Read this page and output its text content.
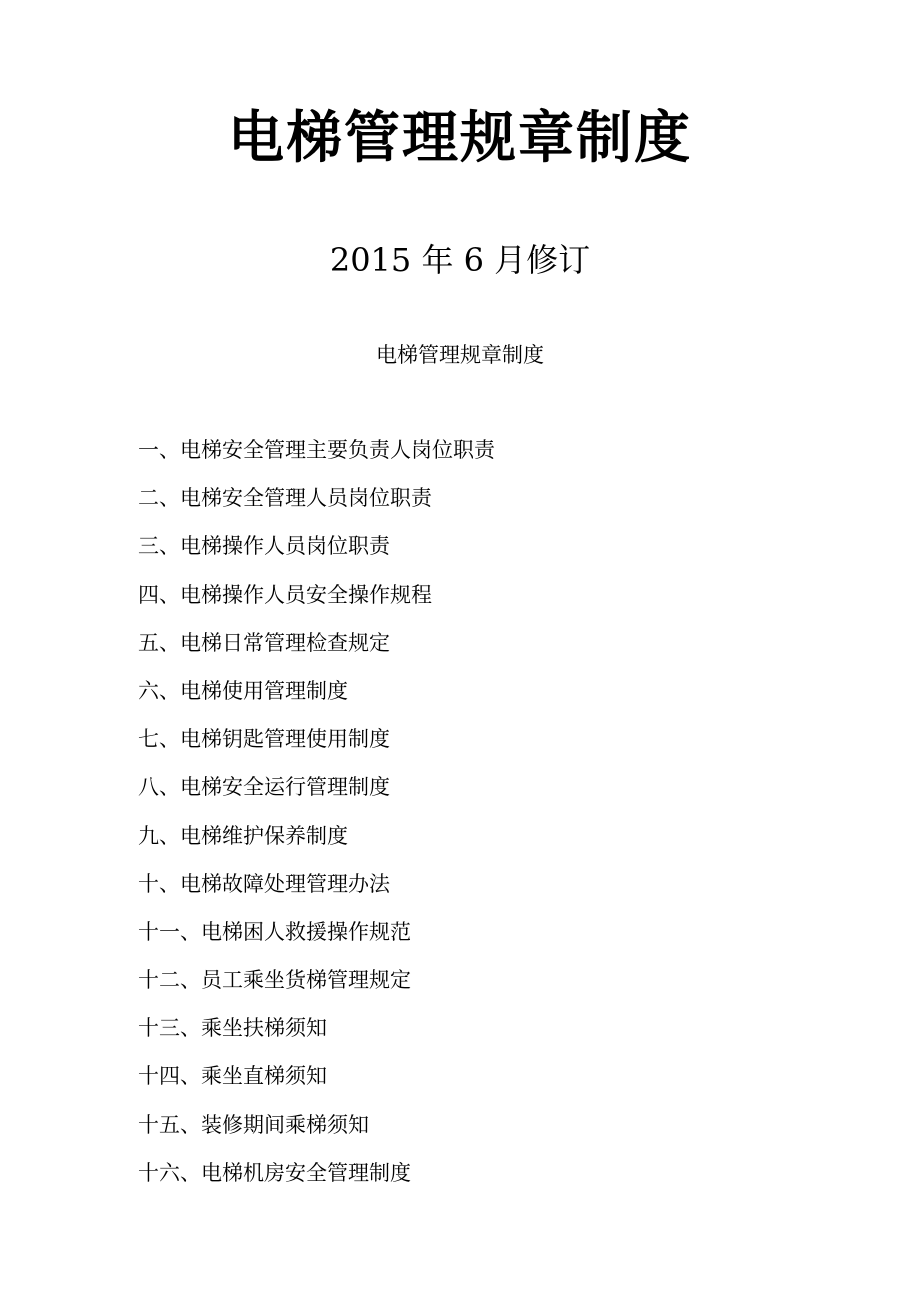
电梯管理规章制度
2015 年 6 月修订
电梯管理规章制度
一、电梯安全管理主要负责人岗位职责
二、电梯安全管理人员岗位职责
三、电梯操作人员岗位职责
四、电梯操作人员安全操作规程
五、电梯日常管理检查规定
六、电梯使用管理制度
七、电梯钥匙管理使用制度
八、电梯安全运行管理制度
九、电梯维护保养制度
十、电梯故障处理管理办法
十一、电梯困人救援操作规范
十二、员工乘坐货梯管理规定
十三、乘坐扶梯须知
十四、乘坐直梯须知
十五、装修期间乘梯须知
十六、电梯机房安全管理制度
